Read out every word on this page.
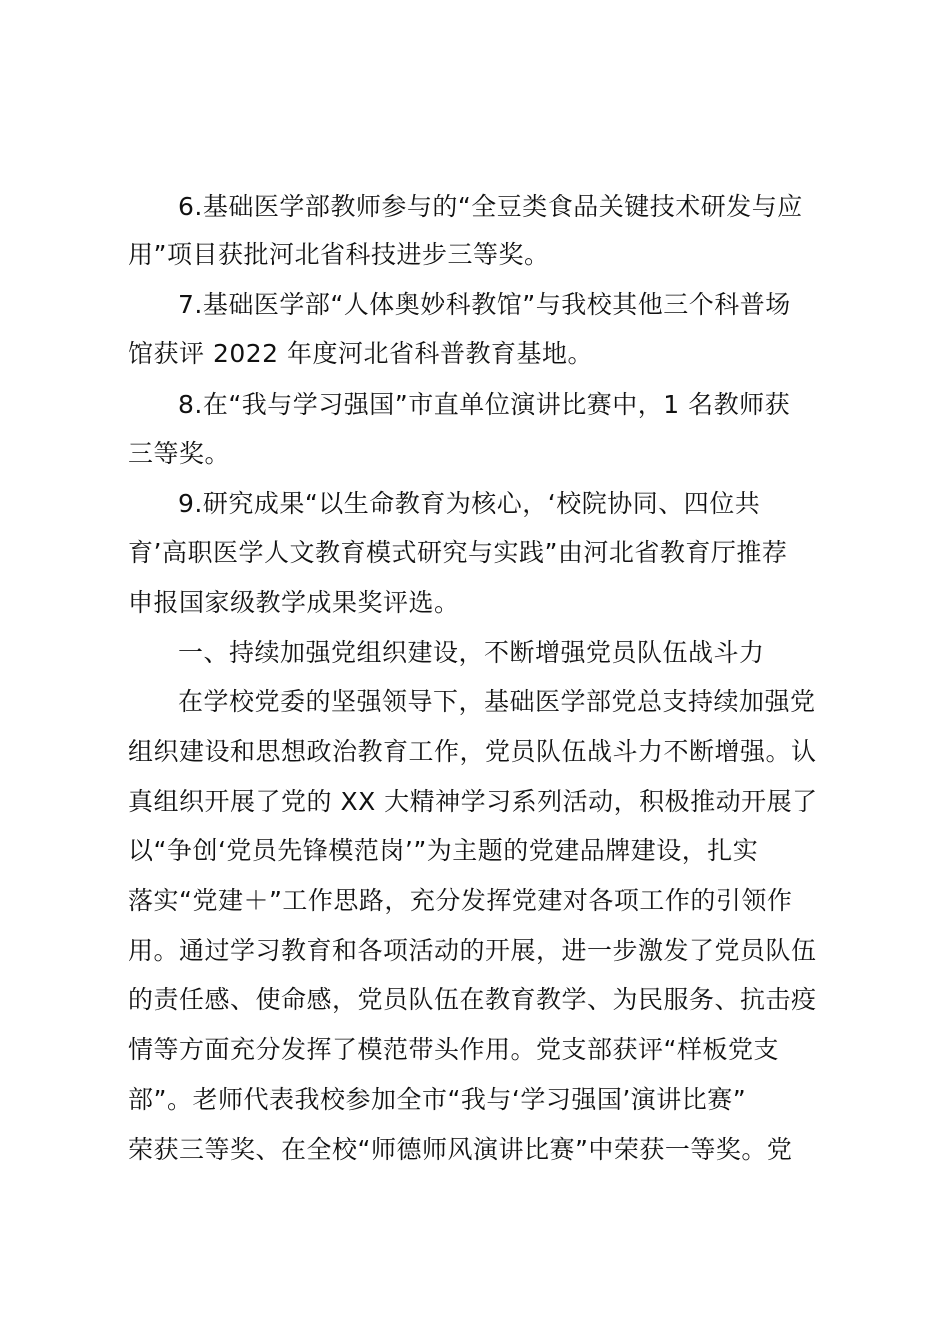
6.基础医学部教师参与的“全豆类食品关键技术研发与应
用”项目获批河北省科技进步三等奖。
7.基础医学部“人体奥妙科教馆”与我校其他三个科普场
馆获评 2022 年度河北省科普教育基地。
8.在“我与学习强国”市直单位演讲比赛中，1 名教师获
三等奖。
9.研究成果“以生命教育为核心，‘校院协同、四位共
育’高职医学人文教育模式研究与实践”由河北省教育厅推荐
申报国家级教学成果奖评选。
一、持续加强党组织建设，不断增强党员队伍战斗力
在学校党委的坚强领导下，基础医学部党总支持续加强党
组织建设和思想政治教育工作，党员队伍战斗力不断增强。认
真组织开展了党的 XX 大精神学习系列活动，积极推动开展了
以“争创‘党员先锋模范岗’”为主题的党建品牌建设，扎实
落实“党建＋”工作思路，充分发挥党建对各项工作的引领作
用。通过学习教育和各项活动的开展，进一步激发了党员队伍
的责任感、使命感，党员队伍在教育教学、为民服务、抗击疫
情等方面充分发挥了模范带头作用。党支部获评“样板党支
部”。老师代表我校参加全市“我与‘学习强国’演讲比赛”
荣获三等奖、在全校“师德师风演讲比赛”中荣获一等奖。党
